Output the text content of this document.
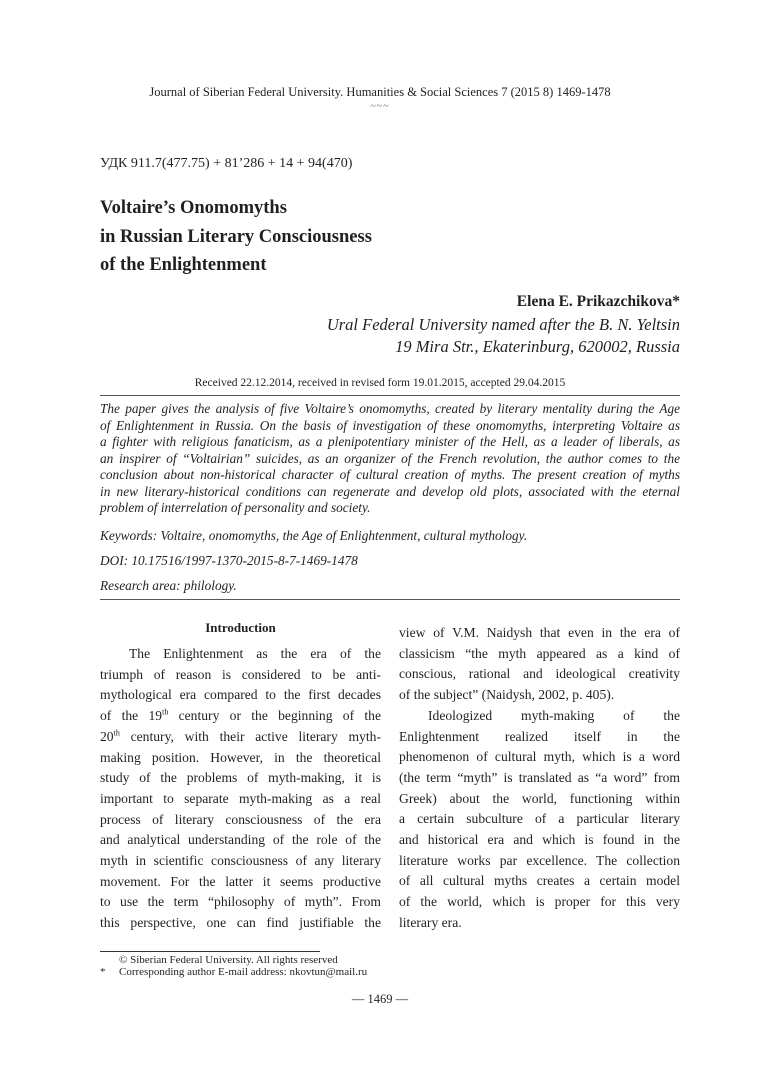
Journal of Siberian Federal University. Humanities & Social Sciences 7 (2015 8) 1469-1478
~~~
УДК 911.7(477.75) + 81’286 + 14 + 94(470)
Voltaire’s Onomomyths
in Russian Literary Consciousness
of the Enlightenment
Elena E. Prikazchikova*
Ural Federal University named after the B. N. Yeltsin
19 Mira Str., Ekaterinburg, 620002, Russia
Received 22.12.2014, received in revised form 19.01.2015, accepted 29.04.2015
The paper gives the analysis of five Voltaire’s onomomyths, created by literary mentality during the Age
of Enlightenment in Russia. On the basis of investigation of these onomomyths, interpreting Voltaire as
a fighter with religious fanaticism, as a plenipotentiary minister of the Hell, as a leader of liberals, as
an inspirer of “Voltairian” suicides, as an organizer of the French revolution, the author comes to the
conclusion about non-historical character of cultural creation of myths. The present creation of myths
in new literary-historical conditions can regenerate and develop old plots, associated with the eternal
problem of interrelation of personality and society.
Keywords: Voltaire, onomomyths, the Age of Enlightenment, cultural mythology.
DOI: 10.17516/1997-1370-2015-8-7-1469-1478
Research area: philology.
Introduction
The Enlightenment as the era of the
triumph of reason is considered to be anti-
mythological era compared to the first decades
of the 19th century or the beginning of the
20th century, with their active literary myth-
making position. However, in the theoretical
study of the problems of myth-making, it is
important to separate myth-making as a real
process of literary consciousness of the era
and analytical understanding of the role of the
myth in scientific consciousness of any literary
movement. For the latter it seems productive
to use the term “philosophy of myth”. From
this perspective, one can find justifiable the
view of V.M. Naidysh that even in the era of
classicism “the myth appeared as a kind of
conscious, rational and ideological creativity
of the subject” (Naidysh, 2002, p. 405).
Ideologized myth-making of the
Enlightenment realized itself in the
phenomenon of cultural myth, which is a word
(the term “myth” is translated as “a word” from
Greek) about the world, functioning within
a certain subculture of a particular literary
and historical era and which is found in the
literature works par excellence. The collection
of all cultural myths creates a certain model
of the world, which is proper for this very
literary era.
© Siberian Federal University. All rights reserved
* Corresponding author E-mail address: nkovtun@mail.ru
— 1469 —
